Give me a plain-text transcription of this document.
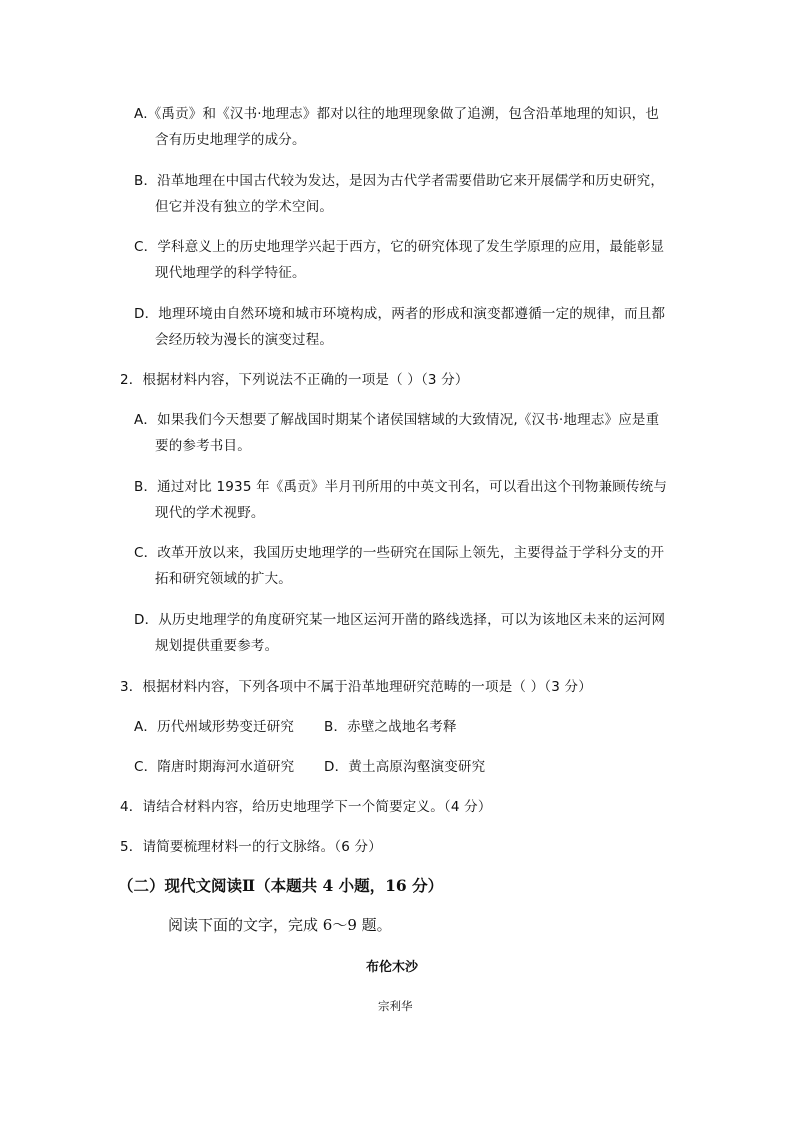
A.《禹贡》和《汉书·地理志》都对以往的地理现象做了追溯，包含沿革地理的知识，也
含有历史地理学的成分。
B．沿革地理在中国古代较为发达，是因为古代学者需要借助它来开展儒学和历史研究，
但它并没有独立的学术空间。
C．学科意义上的历史地理学兴起于西方，它的研究体现了发生学原理的应用，最能彰显
现代地理学的科学特征。
D．地理环境由自然环境和城市环境构成，两者的形成和演变都遵循一定的规律，而且都
会经历较为漫长的演变过程。
2．根据材料内容，下列说法不正确的一项是（ ）（3 分）
A．如果我们今天想要了解战国时期某个诸侯国辖域的大致情况,《汉书·地理志》应是重
要的参考书目。
B．通过对比 1935 年《禹贡》半月刊所用的中英文刊名，可以看出这个刊物兼顾传统与
现代的学术视野。
C．改革开放以来，我国历史地理学的一些研究在国际上领先，主要得益于学科分支的开
拓和研究领域的扩大。
D．从历史地理学的角度研究某一地区运河开凿的路线选择，可以为该地区未来的运河网
规划提供重要参考。
3．根据材料内容，下列各项中不属于沿革地理研究范畴的一项是（ ）（3 分）
A．历代州域形势变迁研究 B．赤壁之战地名考释
C．隋唐时期海河水道研究 D．黄土高原沟壑演变研究
4．请结合材料内容，给历史地理学下一个简要定义。（4 分）
5．请简要梳理材料一的行文脉络。（6 分）
（二）现代文阅读Ⅱ（本题共 4 小题，16 分）
阅读下面的文字，完成 6～9 题。
布伦木沙
宗利华
